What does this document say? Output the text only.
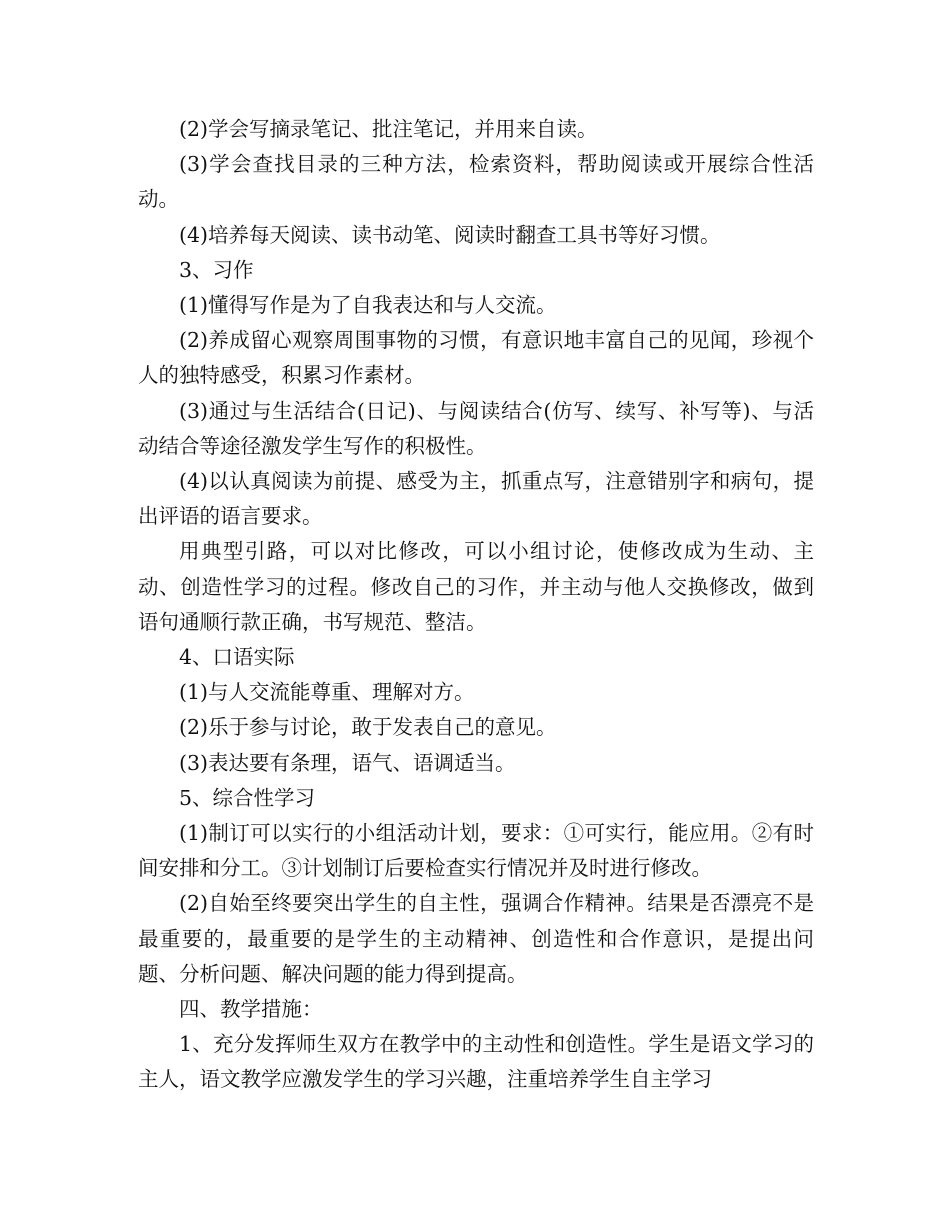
(2)学会写摘录笔记、批注笔记，并用来自读。

(3)学会查找目录的三种方法，检索资料，帮助阅读或开展综合性活动。

(4)培养每天阅读、读书动笔、阅读时翻查工具书等好习惯。

3、习作

(1)懂得写作是为了自我表达和与人交流。

(2)养成留心观察周围事物的习惯，有意识地丰富自己的见闻，珍视个人的独特感受，积累习作素材。

(3)通过与生活结合(日记)、与阅读结合(仿写、续写、补写等)、与活动结合等途径激发学生写作的积极性。

(4)以认真阅读为前提、感受为主，抓重点写，注意错别字和病句，提出评语的语言要求。

用典型引路，可以对比修改，可以小组讨论，使修改成为生动、主动、创造性学习的过程。修改自己的习作，并主动与他人交换修改，做到语句通顺行款正确，书写规范、整洁。

4、口语实际

(1)与人交流能尊重、理解对方。

(2)乐于参与讨论，敢于发表自己的意见。

(3)表达要有条理，语气、语调适当。

5、综合性学习

(1)制订可以实行的小组活动计划，要求：①可实行，能应用。②有时间安排和分工。③计划制订后要检查实行情况并及时进行修改。

(2)自始至终要突出学生的自主性，强调合作精神。结果是否漂亮不是最重要的，最重要的是学生的主动精神、创造性和合作意识，是提出问题、分析问题、解决问题的能力得到提高。

四、教学措施：

1、充分发挥师生双方在教学中的主动性和创造性。学生是语文学习的主人，语文教学应激发学生的学习兴趣，注重培养学生自主学习
